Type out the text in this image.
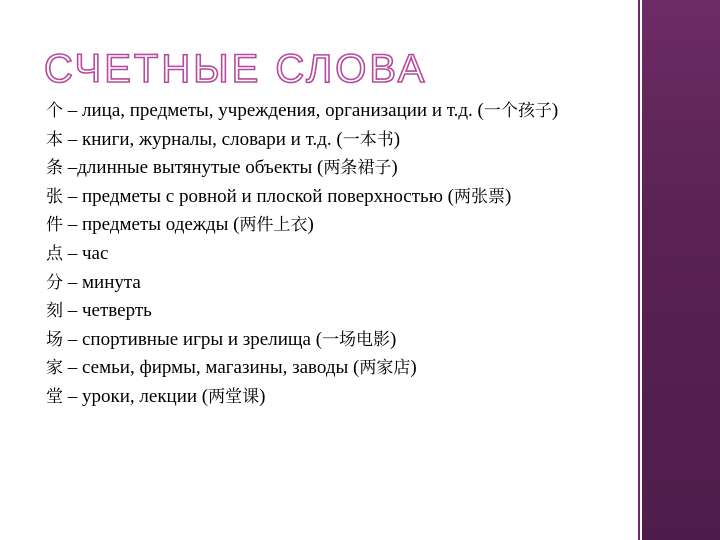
СЧЕТНЫЕ СЛОВА
个 – лица, предметы, учреждения, организации и т.д. (一个孩子)
本 – книги, журналы, словари и т.д. (一本书)
条 –длинные вытянутые объекты (两条裙子)
张 – предметы с ровной и плоской поверхностью (两张票)
件 – предметы одежды (两件上衣)
点 – час
分 – минута
刻 – четверть
场 – спортивные игры и зрелища (一场电影)
家 – семьи, фирмы, магазины, заводы (两家店)
堂 – уроки, лекции (两堂课)
